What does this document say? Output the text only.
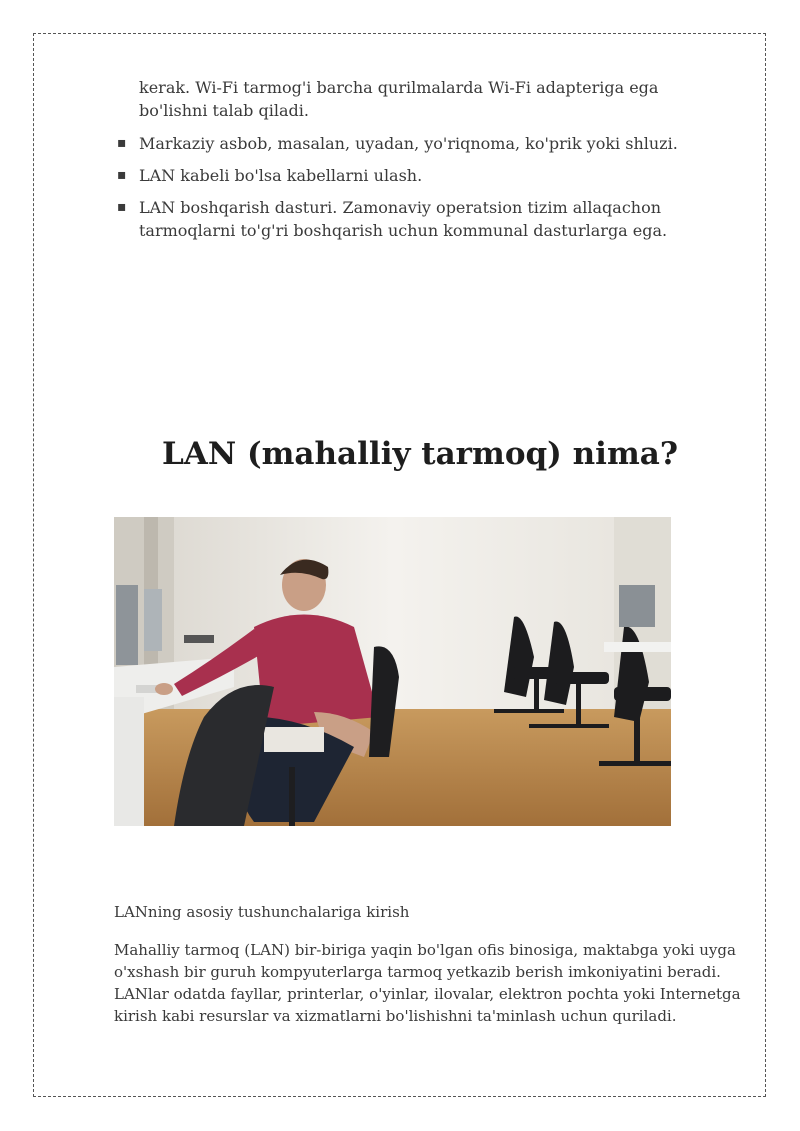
kerak. Wi-Fi tarmog'i barcha qurilmalarda Wi-Fi adapteriga ega bo'lishni talab qiladi.

▪ Markaziy asbob, masalan, uyadan, yo'riqnoma, ko'prik yoki shluzi.
▪ LAN kabeli bo'lsa kabellarni ulash.
▪ LAN boshqarish dasturi. Zamonaviy operatsion tizim allaqachon tarmoqlarni to'g'ri boshqarish uchun kommunal dasturlarga ega.
LAN (mahalliy tarmoq) nima?

LANning asosiy tushunchalariga kirish

Mahalliy tarmoq (LAN) bir-biriga yaqin bo'lgan ofis binosiga, maktabga yoki uyga o'xshash bir guruh kompyuterlarga tarmoq yetkazib berish imkoniyatini beradi. LANlar odatda fayllar, printerlar, o'yinlar, ilovalar, elektron pochta yoki Internetga kirish kabi resurslar va xizmatlarni bo'lishishni ta'minlash uchun quriladi.
